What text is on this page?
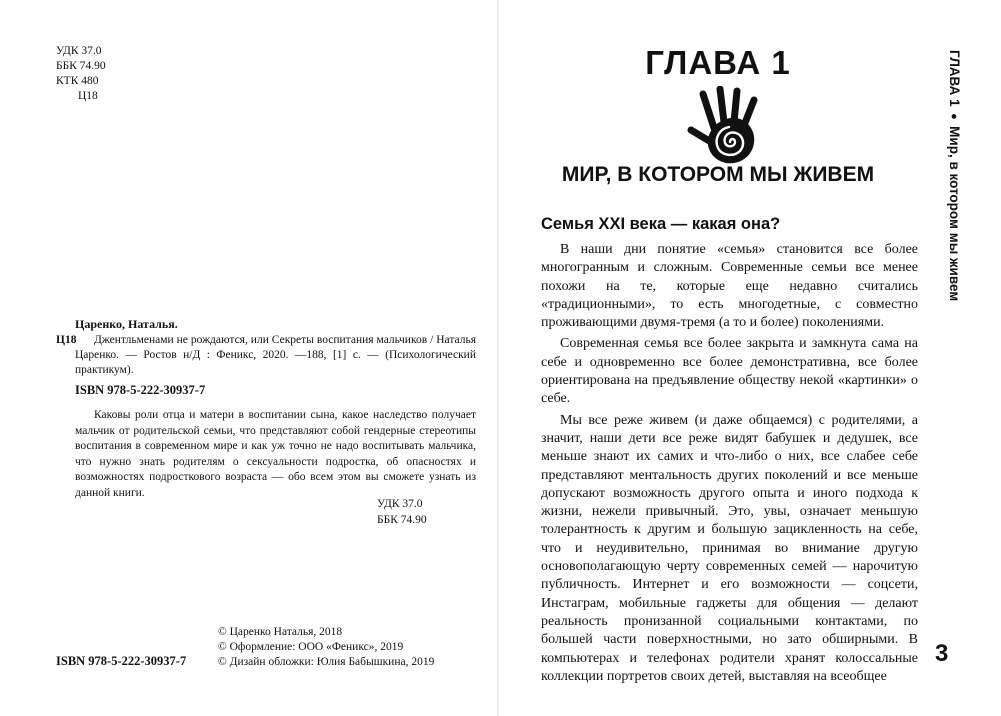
УДК 37.0
ББК 74.90
КТК 480
Ц18
Царенко, Наталья.
Ц18	Джентльменами не рождаются, или Секреты воспитания мальчиков / Наталья Царенко. — Ростов н/Д : Феникс, 2020. —188, [1] с. — (Психологический практикум).
ISBN 978-5-222-30937-7
Каковы роли отца и матери в воспитании сына, какое наследство получает мальчик от родительской семьи, что представляют собой гендерные стереотипы воспитания в современном мире и как уж точно не надо воспитывать мальчика, что нужно знать родителям о сексуальности подростка, об опасностях и возможностях подросткового возраста — обо всем этом вы сможете узнать из данной книги.
УДК 37.0
ББК 74.90
© Царенко Наталья, 2018
© Оформление: ООО «Феникс», 2019
© Дизайн обложки: Юлия Бабышкина, 2019
ISBN 978-5-222-30937-7
ГЛАВА 1
МИР, В КОТОРОМ МЫ ЖИВЕМ
Семья XXI века — какая она?

В наши дни понятие «семья» становится все более многогранным и сложным. Современные семьи все менее похожи на те, которые еще недавно считались «традиционными», то есть многодетные, с совместно проживающими двумя-тремя (а то и более) поколениями.

Современная семья все более закрыта и замкнута сама на себе и одновременно все более демонстративна, все более ориентирована на предъявление обществу некой «картинки» о себе.

Мы все реже живем (и даже общаемся) с родителями, а значит, наши дети все реже видят бабушек и дедушек, все меньше знают их самих и что-либо о них, все слабее себе представляют ментальность других поколений и все меньше допускают возможность другого опыта и иного подхода к жизни, нежели привычный. Это, увы, означает меньшую толерантность к другим и большую зацикленность на себе, что и неудивительно, принимая во внимание другую основополагающую черту современных семей — нарочитую публичность. Интернет и его возможности — соцсети, Инстаграм, мобильные гаджеты для общения — делают реальность пронизанной социальными контактами, по большей части поверхностными, но зато обширными. В компьютерах и телефонах родители хранят колоссальные коллекции портретов своих детей, выставляя на всеобщее

ГЛАВА 1 ● Мир, в котором мы живем
3
